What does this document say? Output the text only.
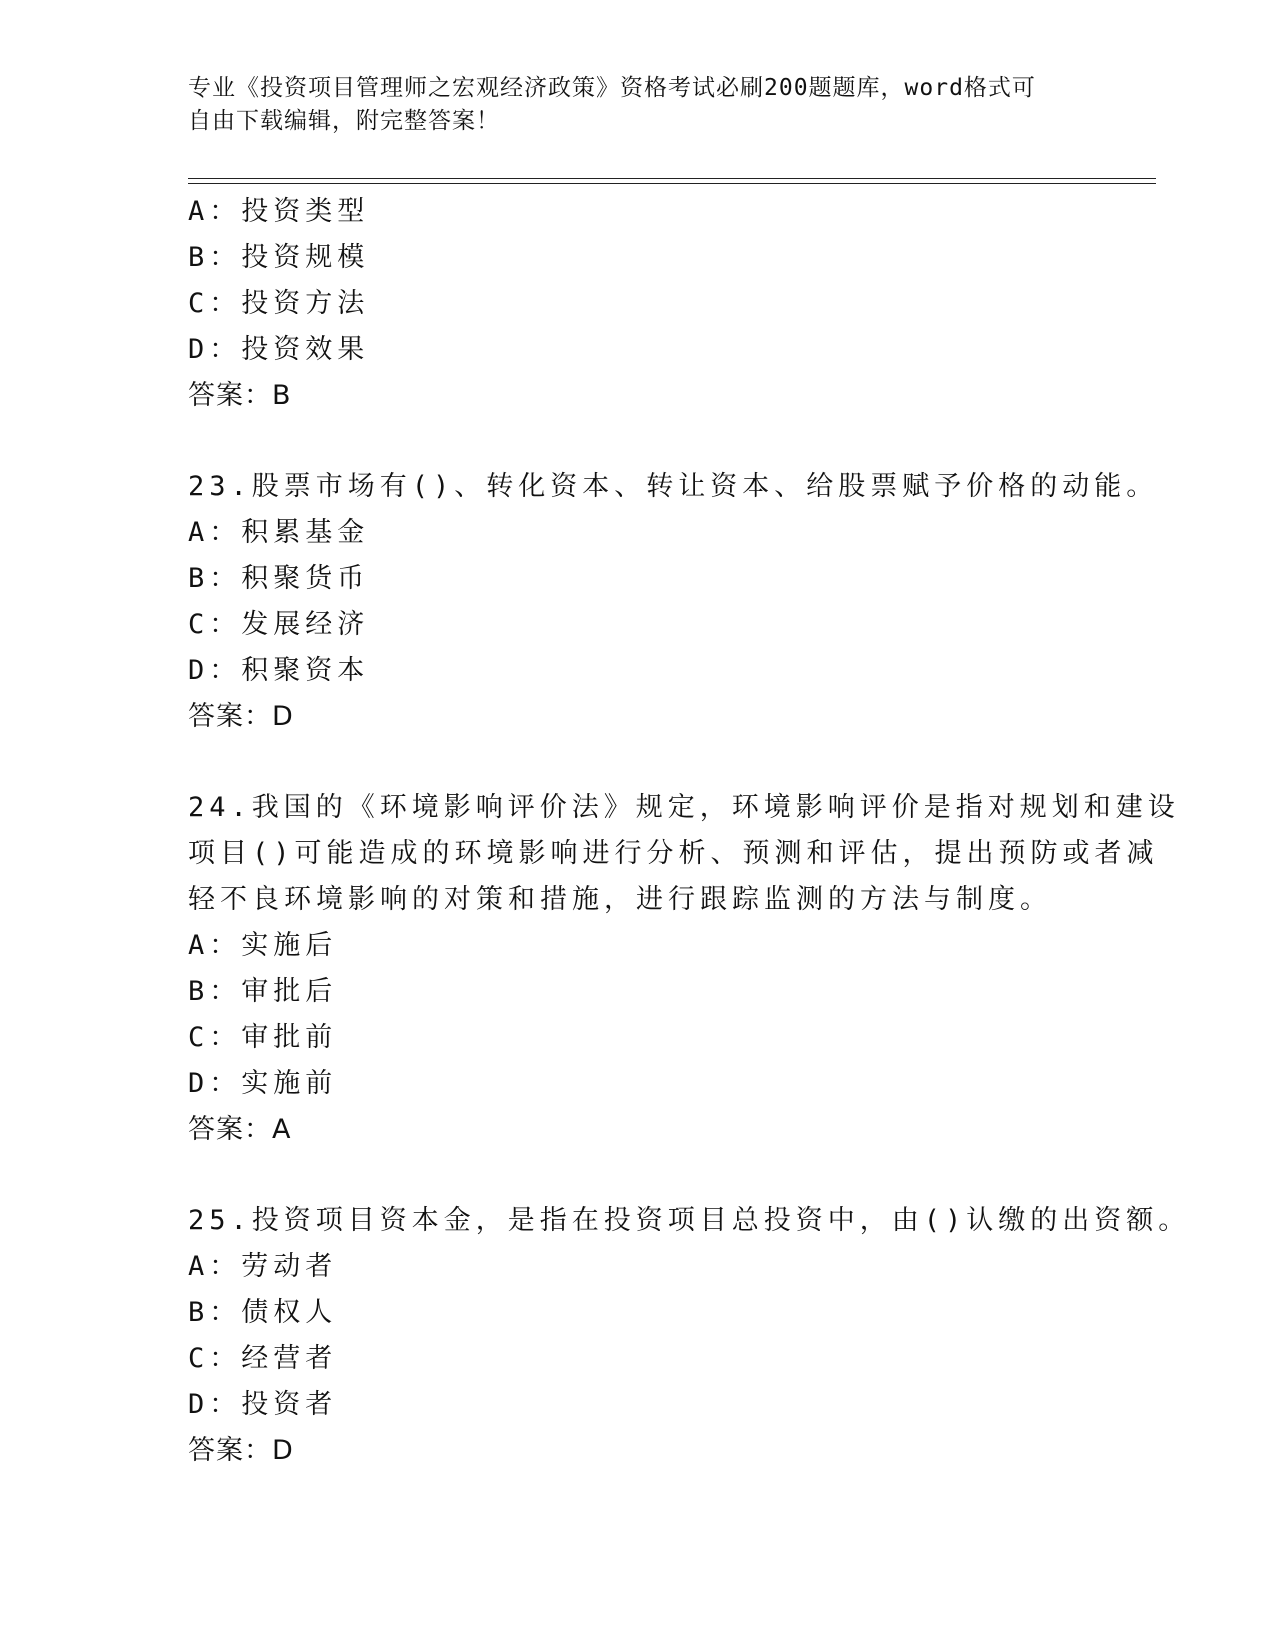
专业《投资项目管理师之宏观经济政策》资格考试必刷200题题库，word格式可
自由下载编辑，附完整答案！
A：投资类型
B：投资规模
C：投资方法
D：投资效果
答案：B
23.股票市场有()、转化资本、转让资本、给股票赋予价格的动能。
A：积累基金
B：积聚货币
C：发展经济
D：积聚资本
答案：D
24.我国的《环境影响评价法》规定，环境影响评价是指对规划和建设
项目()可能造成的环境影响进行分析、预测和评估，提出预防或者减
轻不良环境影响的对策和措施，进行跟踪监测的方法与制度。
A：实施后
B：审批后
C：审批前
D：实施前
答案：A
25.投资项目资本金，是指在投资项目总投资中，由()认缴的出资额。
A：劳动者
B：债权人
C：经营者
D：投资者
答案：D
